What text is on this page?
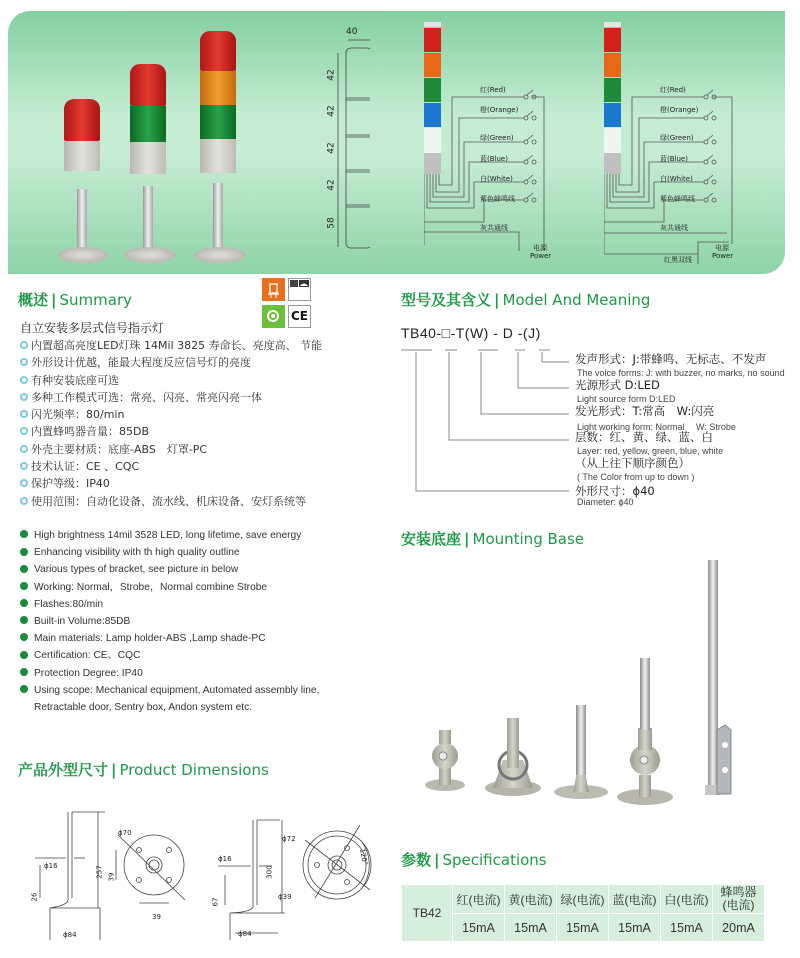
40
42
42
42
42
58
红(Red)
橙(Orange)
绿(Green)
蓝(Blue)
白(White)
紫色蜂鸣线
灰共通线
电源
Power
红(Red)
橙(Orange)
绿(Green)
蓝(Blue)
白(White)
紫色蜂鸣线
灰共通线
红黑双线
电源
Power
概述 | Summary
CE
自立安装多层式信号指示灯
内置超高亮度LED灯珠 14Mil 3825 寿命长、亮度高、 节能
外形设计优越，能最大程度反应信号灯的亮度
有种安装底座可选
多种工作模式可选：常亮、闪亮、常亮闪亮一体
闪光频率：80/min
内置蜂鸣器音量：85DB
外壳主要材质：底座-ABS　灯罩-PC
技术认证：CE 、CQC
保护等级：IP40
使用范围：自动化设备、流水线、机床设备、安灯系统等
High brightness 14mil 3528 LED, long lifetime, save energy
Enhancing visibility with th high quality outline
Various types of bracket, see picture in below
Working: Normal，Strobe，Normal combine Strobe
Flashes:80/min
Built-in Volume:85DB
Main materials: Lamp holder-ABS ,Lamp shade-PC
Certification: CE、CQC
Protection Degree: IP40
Using scope: Mechanical equipment, Automated assembly line,
Retractable door, Sentry box, Andon system etc.
型号及其含义 | Model And Meaning
TB40-□-T(W) - D -(J)
发声形式：J:带蜂鸣、无标志、不发声
The voice forms: J: with buzzer, no marks, no sound
光源形式 D:LED
Light source form D:LED
发光形式：T:常高　W:闪亮
Light working form: Normal　 W: Strobe
层数：红、黄、绿、蓝、白
Layer: red, yellow, green, blue, white
（从上往下顺序颜色）
( The Color from up to down )
外形尺寸：ϕ40
Diameter: ϕ40
安装底座 | Mounting Base
产品外型尺寸 | Product Dimensions
ϕ16	257
26
ϕ84
ϕ70
39
39
ϕ16
300
67
ϕ84
ϕ72
ϕ39
120° 参数 | Specifications
TB42	红(电流)	黄(电流)	绿(电流)	蓝(电流)	白(电流)	蜂鸣器
(电流)
	15mA	15mA	15mA	15mA	15mA	20mA
